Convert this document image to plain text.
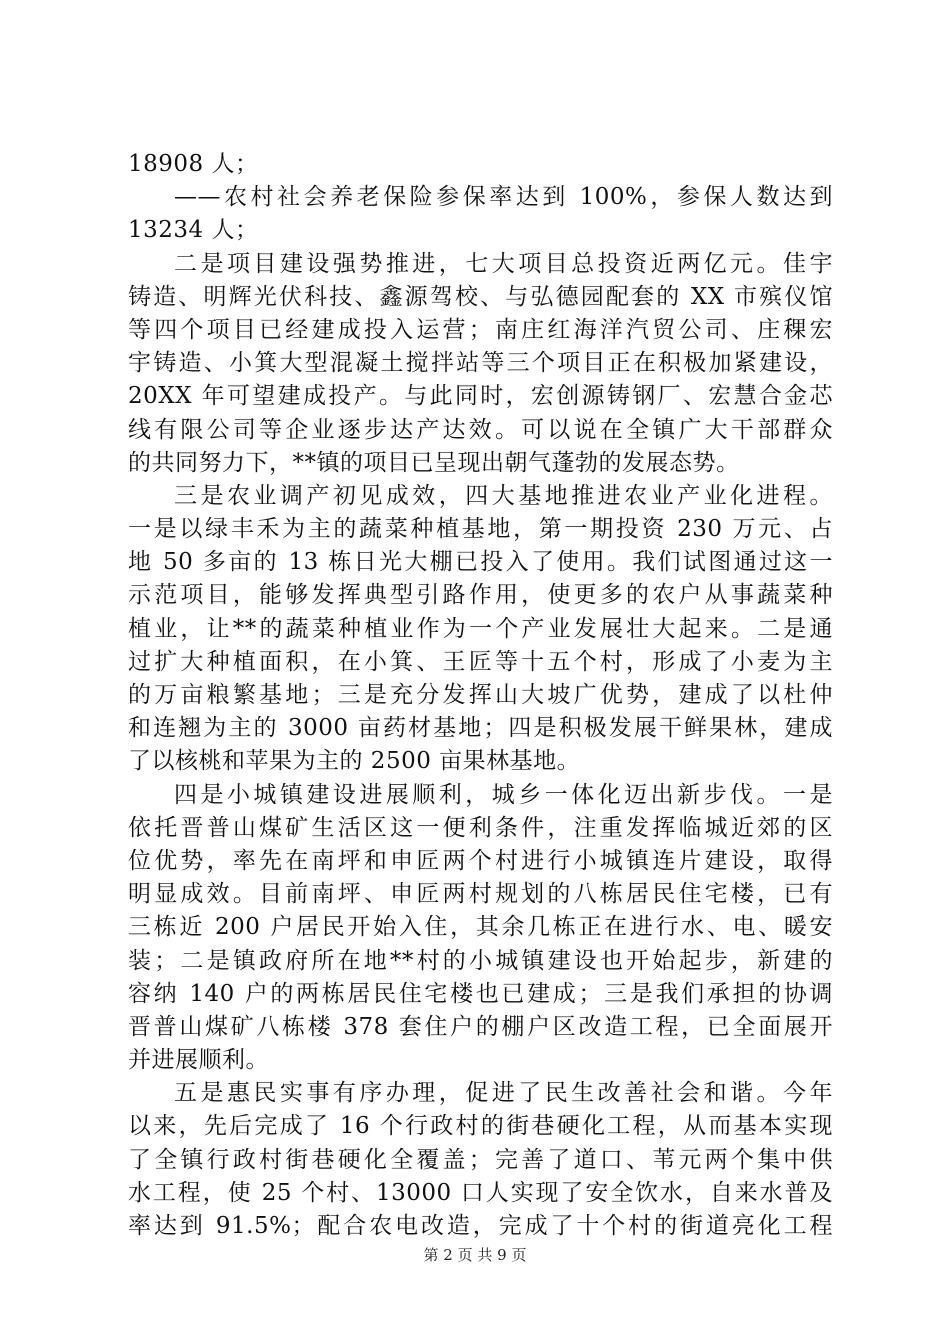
18908 人；
——农村社会养老保险参保率达到 100%，参保人数达到
13234 人；
二是项目建设强势推进，七大项目总投资近两亿元。佳宇
铸造、明辉光伏科技、鑫源驾校、与弘德园配套的 XX 市殡仪馆
等四个项目已经建成投入运营；南庄红海洋汽贸公司、庄稞宏
宇铸造、小箕大型混凝土搅拌站等三个项目正在积极加紧建设，
20XX 年可望建成投产。与此同时，宏创源铸钢厂、宏慧合金芯
线有限公司等企业逐步达产达效。可以说在全镇广大干部群众
的共同努力下，**镇的项目已呈现出朝气蓬勃的发展态势。
三是农业调产初见成效，四大基地推进农业产业化进程。
一是以绿丰禾为主的蔬菜种植基地，第一期投资 230 万元、占
地 50 多亩的 13 栋日光大棚已投入了使用。我们试图通过这一
示范项目，能够发挥典型引路作用，使更多的农户从事蔬菜种
植业，让**的蔬菜种植业作为一个产业发展壮大起来。二是通
过扩大种植面积，在小箕、王匠等十五个村，形成了小麦为主
的万亩粮繁基地；三是充分发挥山大坡广优势，建成了以杜仲
和连翘为主的 3000 亩药材基地；四是积极发展干鲜果林，建成
了以核桃和苹果为主的 2500 亩果林基地。
四是小城镇建设进展顺利，城乡一体化迈出新步伐。一是
依托晋普山煤矿生活区这一便利条件，注重发挥临城近郊的区
位优势，率先在南坪和申匠两个村进行小城镇连片建设，取得
明显成效。目前南坪、申匠两村规划的八栋居民住宅楼，已有
三栋近 200 户居民开始入住，其余几栋正在进行水、电、暖安
装；二是镇政府所在地**村的小城镇建设也开始起步，新建的
容纳 140 户的两栋居民住宅楼也已建成；三是我们承担的协调
晋普山煤矿八栋楼 378 套住户的棚户区改造工程，已全面展开
并进展顺利。
五是惠民实事有序办理，促进了民生改善社会和谐。今年
以来，先后完成了 16 个行政村的街巷硬化工程，从而基本实现
了全镇行政村街巷硬化全覆盖；完善了道口、苇元两个集中供
水工程，使 25 个村、13000 口人实现了安全饮水，自来水普及
率达到 91.5%；配合农电改造，完成了十个村的街道亮化工程
第 2 页 共 9 页
